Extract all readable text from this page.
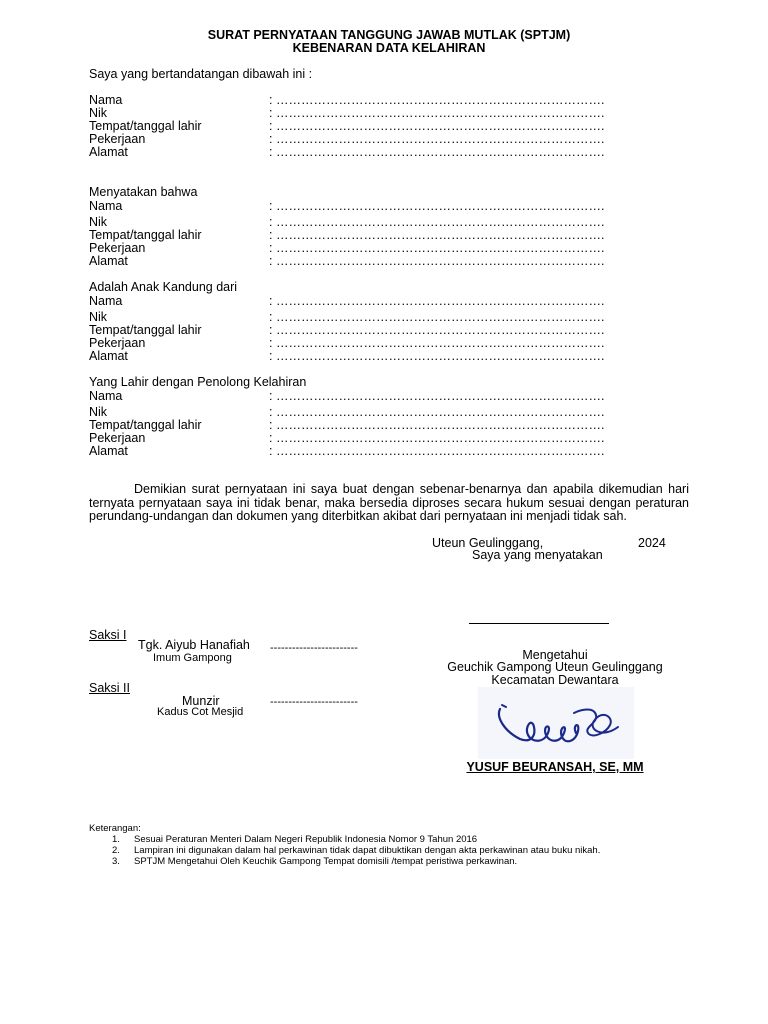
SURAT PERNYATAAN TANGGUNG JAWAB MUTLAK (SPTJM)
KEBENARAN DATA KELAHIRAN
Saya yang bertandatangan dibawah ini :
Nama
Nik
Tempat/tanggal lahir
Pekerjaan
Alamat
: …………………………………………………………………….
: …………………………………………………………………….
: …………………………………………………………………….
: …………………………………………………………………….
: …………………………………………………………………….
Menyatakan bahwa
Nama
Nik
Tempat/tanggal lahir
Pekerjaan
Alamat
: …………………………………………………………………….
: …………………………………………………………………….
: …………………………………………………………………….
: …………………………………………………………………….
: …………………………………………………………………….
Adalah Anak Kandung dari
Nama
Nik
Tempat/tanggal lahir
Pekerjaan
Alamat
: …………………………………………………………………….
: …………………………………………………………………….
: …………………………………………………………………….
: …………………………………………………………………….
: …………………………………………………………………….
Yang Lahir dengan Penolong Kelahiran
Nama
Nik
Tempat/tanggal lahir
Pekerjaan
Alamat
: …………………………………………………………………….
: …………………………………………………………………….
: …………………………………………………………………….
: …………………………………………………………………….
: …………………………………………………………………….
Demikian surat pernyataan ini saya buat dengan sebenar-benarnya dan apabila dikemudian hari ternyata pernyataan saya ini tidak benar, maka bersedia diproses secara hukum sesuai dengan peraturan perundang-undangan dan dokumen yang diterbitkan akibat dari pernyataan ini menjadi tidak sah.
Uteun Geulinggang,	2024
Saya yang menyatakan
Saksi I
Tgk. Aiyub Hanafiah
Imum Gampong
------------------------
Saksi II
Munzir
Kadus Cot Mesjid
------------------------
Mengetahui
Geuchik Gampong Uteun Geulinggang
Kecamatan Dewantara
YUSUF BEURANSAH, SE, MM
Keterangan:
1. Sesuai Peraturan Menteri Dalam Negeri Republik Indonesia Nomor 9 Tahun 2016
2. Lampiran ini digunakan dalam hal perkawinan tidak dapat dibuktikan dengan akta perkawinan atau buku nikah.
3. SPTJM Mengetahui Oleh Keuchik Gampong Tempat domisili /tempat peristiwa perkawinan.
